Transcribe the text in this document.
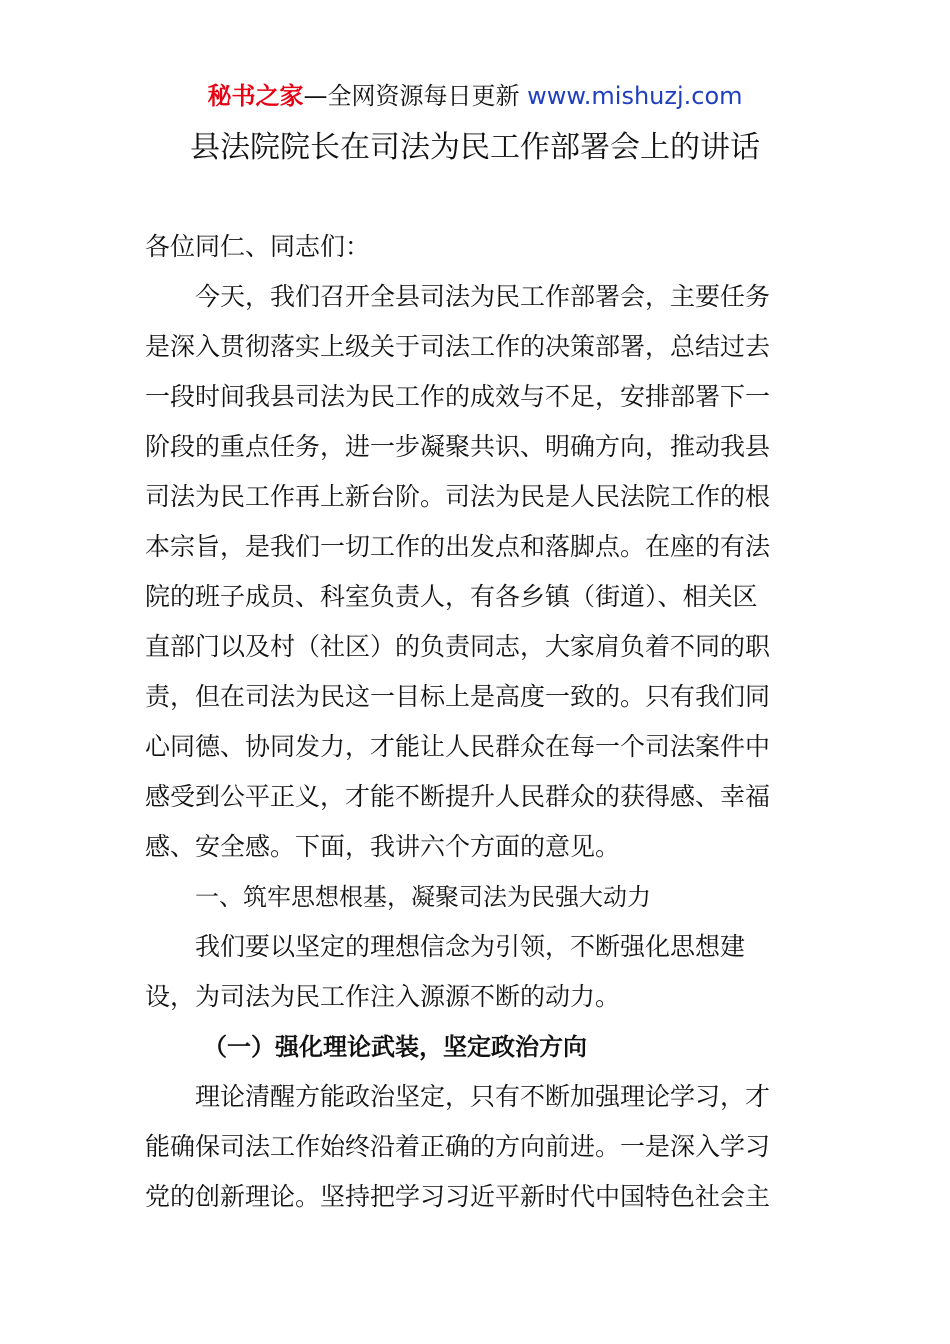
秘书之家—全网资源每日更新 www.mishuzj.com
县法院院长在司法为民工作部署会上的讲话
各位同仁、同志们：
今天，我们召开全县司法为民工作部署会，主要任务
是深入贯彻落实上级关于司法工作的决策部署，总结过去
一段时间我县司法为民工作的成效与不足，安排部署下一
阶段的重点任务，进一步凝聚共识、明确方向，推动我县
司法为民工作再上新台阶。司法为民是人民法院工作的根
本宗旨，是我们一切工作的出发点和落脚点。在座的有法
院的班子成员、科室负责人，有各乡镇（街道）、相关区
直部门以及村（社区）的负责同志，大家肩负着不同的职
责，但在司法为民这一目标上是高度一致的。只有我们同
心同德、协同发力，才能让人民群众在每一个司法案件中
感受到公平正义，才能不断提升人民群众的获得感、幸福
感、安全感。下面，我讲六个方面的意见。
一、筑牢思想根基，凝聚司法为民强大动力
我们要以坚定的理想信念为引领，不断强化思想建
设，为司法为民工作注入源源不断的动力。
（一）强化理论武装，坚定政治方向
理论清醒方能政治坚定，只有不断加强理论学习，才
能确保司法工作始终沿着正确的方向前进。一是深入学习
党的创新理论。坚持把学习习近平新时代中国特色社会主
